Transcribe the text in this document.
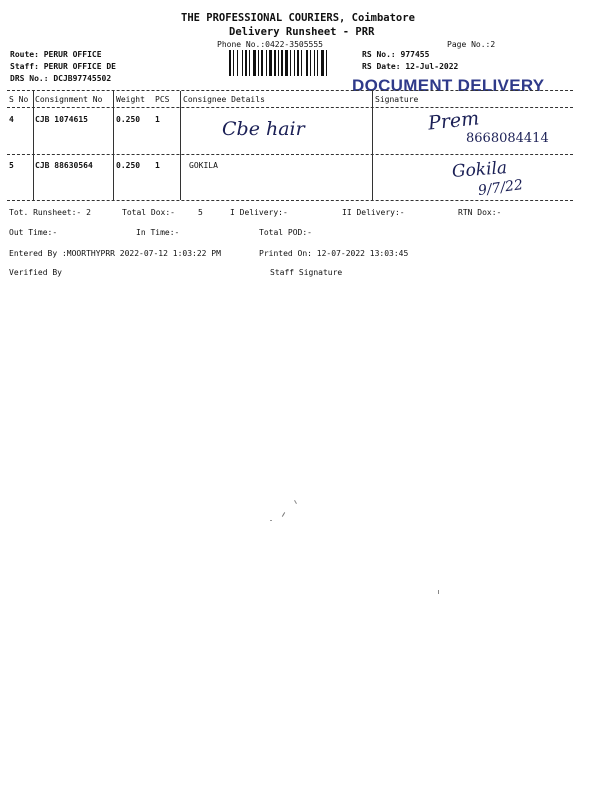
THE PROFESSIONAL COURIERS, Coimbatore
Delivery Runsheet - PRR
Phone No.:0422-3505555	Page No.:2
Route: PERUR OFFICE
Staff: PERUR OFFICE DE
DRS No.: DCJB97745502
RS No.: 977455
RS Date: 12-Jul-2022
DOCUMENT DELIVERY
S No Consignment No Weight PCS Consignee Details	Signature
4	CJB 1074615	0.250 1	Cbe hair	Prem
8668084414
5	CJB 88630564	0.250 1	GOKILA	Gokila
9/7/22
Tot. Runsheet:- 2	Total Dox:-	5	I Delivery:-	II Delivery:-	RTN Dox:-
Out Time:-	In Time:-	Total POD:-
Entered By :MOORTHYPRR 2022-07-12 1:03:22 PM	Printed On: 12-07-2022 13:03:45
Verified By	Staff Signature
